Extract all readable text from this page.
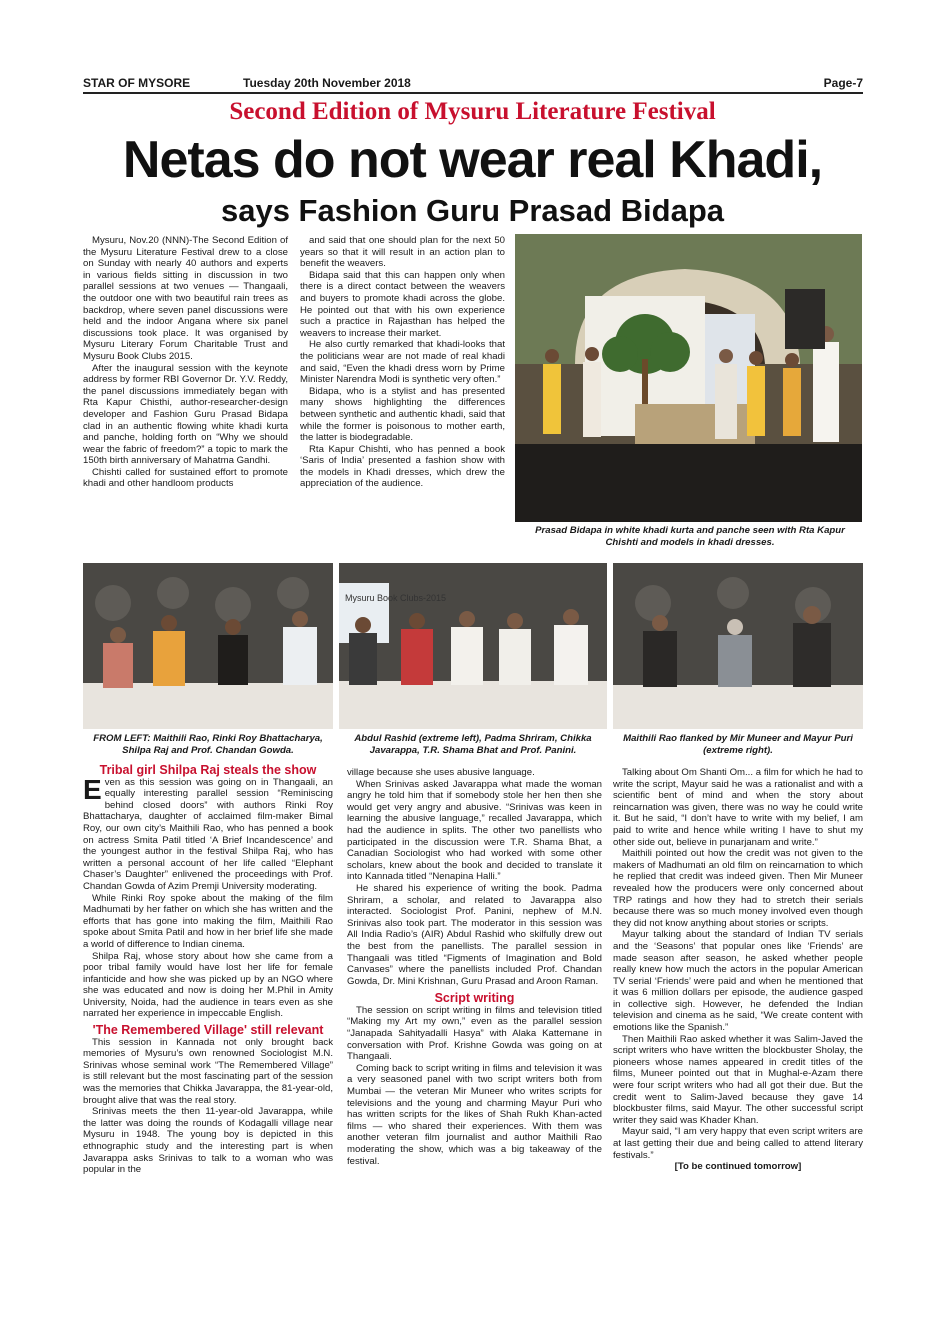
STAR OF MYSORE	Tuesday 20th November 2018	Page-7
Second Edition of Mysuru Literature Festival
Netas do not wear real Khadi,
says Fashion Guru Prasad Bidapa

Mysuru, Nov.20 (NNN)-The Second Edition of the Mysuru Literature Festival drew to a close on Sunday with nearly 40 authors and experts in various fields sitting in discussion in two parallel sessions at two venues — Thangaali, the outdoor one with two beautiful rain trees as backdrop, where seven panel discussions were held and the indoor Angana where six panel discussions took place. It was organised by Mysuru Literary Forum Charitable Trust and Mysuru Book Clubs 2015.

After the inaugural session with the keynote address by former RBI Governor Dr. Y.V. Reddy, the panel discussions immediately began with Rta Kapur Chisthi, author-researcher-design developer and Fashion Guru Prasad Bidapa clad in an authentic flowing white khadi kurta and panche, holding forth on “Why we should wear the fabric of freedom?” a topic to mark the 150th birth anniversary of Mahatma Gandhi.

Chishti called for sustained effort to promote khadi and other handloom products

and said that one should plan for the next 50 years so that it will result in an action plan to benefit the weavers.

Bidapa said that this can happen only when there is a direct contact between the weavers and buyers to promote khadi across the globe. He pointed out that with his own experience such a practice in Rajasthan has helped the weavers to increase their market.

He also curtly remarked that khadi-looks that the politicians wear are not made of real khadi and said, “Even the khadi dress worn by Prime Minister Narendra Modi is synthetic very often.”

Bidapa, who is a stylist and has presented many shows highlighting the differences between synthetic and authentic khadi, said that while the former is poisonous to mother earth, the latter is biodegradable.

Rta Kapur Chishti, who has penned a book ‘Saris of India’ presented a fashion show with the models in Khadi dresses, which drew the appreciation of the audience.

Prasad Bidapa in white khadi kurta and panche seen with Rta Kapur Chishti and models in khadi dresses.
Mysuru Book Clubs-2015
FROM LEFT: Maithili Rao, Rinki Roy Bhattacharya, Shilpa Raj and Prof. Chandan Gowda.
Abdul Rashid (extreme left), Padma Shriram, Chikka Javarappa, T.R. Shama Bhat and Prof. Panini.
Maithili Rao flanked by Mir Muneer and Mayur Puri (extreme right).

Tribal girl Shilpa Raj steals the show

Even as this session was going on in Thangaali, an equally interesting parallel session “Reminiscing behind closed doors” with authors Rinki Roy Bhattacharya, daughter of acclaimed film-maker Bimal Roy, our own city’s Maithili Rao, who has penned a book on actress Smita Patil titled ‘A Brief Incandescence’ and the youngest author in the festival Shilpa Raj, who has written a personal account of her life called “Elephant Chaser’s Daughter” enlivened the proceedings with Prof. Chandan Gowda of Azim Premji University moderating.

While Rinki Roy spoke about the making of the film Madhumati by her father on which she has written and the efforts that has gone into making the film, Maithili Rao spoke about Smita Patil and how in her brief life she made a world of difference to Indian cinema.

Shilpa Raj, whose story about how she came from a poor tribal family would have lost her life for female infanticide and how she was picked up by an NGO where she was educated and now is doing her M.Phil in Amity University, Noida, had the audience in tears even as she narrated her experience in impeccable English.

'The Remembered Village' still relevant

This session in Kannada not only brought back memories of Mysuru’s own renowned Sociologist M.N. Srinivas whose seminal work “The Remembered Village” is still relevant but the most fascinating part of the session was the memories that Chikka Javarappa, the 81-year-old, brought alive that was the real story.

Srinivas meets the then 11-year-old Javarappa, while the latter was doing the rounds of Kodagalli village near Mysuru in 1948. The young boy is depicted in this ethnographic study and the interesting part is when Javarappa asks Srinivas to talk to a woman who was popular in the

village because she uses abusive language.

When Srinivas asked Javarappa what made the woman angry he told him that if somebody stole her hen then she would get very angry and abusive. “Srinivas was keen in learning the abusive language,” recalled Javarappa, which had the audience in splits. The other two panellists who participated in the discussion were T.R. Shama Bhat, a Canadian Sociologist who had worked with some other scholars, knew about the book and decided to translate it into Kannada titled “Nenapina Halli.”

He shared his experience of writing the book. Padma Shriram, a scholar, and related to Javarappa also interacted. Sociologist Prof. Panini, nephew of M.N. Srinivas also took part. The moderator in this session was All India Radio’s (AIR) Abdul Rashid who skilfully drew out the best from the panellists. The parallel session in Thangaali was titled “Figments of Imagination and Bold Canvases” where the panellists included Prof. Chandan Gowda, Dr. Mini Krishnan, Guru Prasad and Aroon Raman.

Script writing

The session on script writing in films and television titled “Making my Art my own,” even as the parallel session “Janapada Sahityadalli Hasya” with Alaka Kattemane in conversation with Prof. Krishne Gowda was going on at Thangaali.

Coming back to script writing in films and television it was a very seasoned panel with two script writers both from Mumbai — the veteran Mir Muneer who writes scripts for televisions and the young and charming Mayur Puri who has written scripts for the likes of Shah Rukh Khan-acted films — who shared their experiences. With them was another veteran film journalist and author Maithili Rao moderating the show, which was a big takeaway of the festival.

Talking about Om Shanti Om... a film for which he had to write the script, Mayur said he was a rationalist and with a scientific bent of mind and when the story about reincarnation was given, there was no way he could write it. But he said, “I don’t have to write with my belief, I am paid to write and hence while writing I have to shut my other side out, believe in punarjanam and write.”

Maithili pointed out how the credit was not given to the makers of Madhumati an old film on reincarnation to which he replied that credit was indeed given. Then Mir Muneer revealed how the producers were only concerned about TRP ratings and how they had to stretch their serials because there was so much money involved even though they did not know anything about stories or scripts.

Mayur talking about the standard of Indian TV serials and the ‘Seasons’ that popular ones like ‘Friends’ are made season after season, he asked whether people really knew how much the actors in the popular American TV serial ‘Friends’ were paid and when he mentioned that it was 6 million dollars per episode, the audience gasped in collective sigh. However, he defended the Indian television and cinema as he said, “We create content with emotions like the Spanish.”

Then Maithili Rao asked whether it was Salim-Javed the script writers who have written the blockbuster Sholay, the pioneers whose names appeared in credit titles of the films, Muneer pointed out that in Mughal-e-Azam there were four script writers who had all got their due. But the credit went to Salim-Javed because they gave 14 blockbuster films, said Mayur. The other successful script writer they said was Khader Khan.

Mayur said, “I am very happy that even script writers are at last getting their due and being called to attend literary festivals.”

[To be continued tomorrow]
